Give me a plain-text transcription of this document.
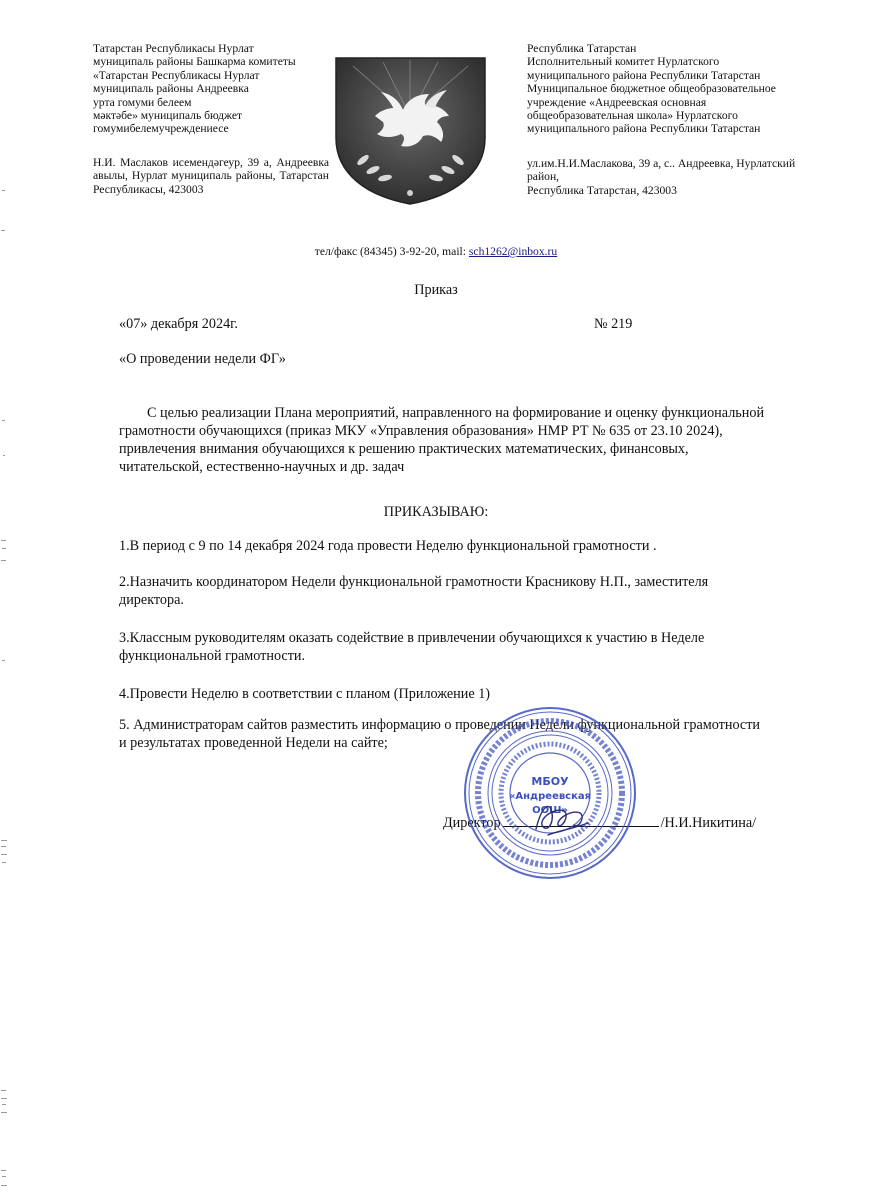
Татарстан Республикасы Нурлат
муниципаль районы Башкарма комитеты
«Татарстан Республикасы Нурлат
муниципаль районы Андреевка
урта гомуми белеем
мәктәбе» муниципаль бюджет
гомумибелемучреждениесе
Н.И. Маслаков исемендәгеур, 39 а, Андреевка авылы, Нурлат муниципаль районы, Татарстан Республикасы, 423003
Республика Татарстан
Исполнительный комитет Нурлатского
муниципального района Республики Татарстан
Муниципальное бюджетное общеобразовательное
учреждение «Андреевская основная
общеобразовательная школа» Нурлатского
муниципального района Республики Татарстан
ул.им.Н.И.Маслакова, 39 а, с.. Андреевка, Нурлатский
район,
Республика Татарстан, 423003
тел/факс (84345) 3-92-20, mail: sch1262@inbox.ru
Приказ
«07» декабря 2024г.	№ 219
«О проведении недели ФГ»
С целью реализации Плана мероприятий, направленного на формирование и оценку функциональной грамотности обучающихся (приказ МКУ «Управления образования» НМР РТ № 635 от 23.10 2024), привлечения внимания обучающихся к решению практических математических, финансовых, читательской, естественно-научных и др. задач
ПРИКАЗЫВАЮ:
1.В период с 9 по 14 декабря 2024 года провести Неделю функциональной грамотности .
2.Назначить координатором Недели функциональной грамотности Красникову Н.П., заместителя директора.
3.Классным руководителям оказать содействие в привлечении обучающихся к участию в Неделе функциональной грамотности.
4.Провести Неделю в соответствии с планом (Приложение 1)
5. Администраторам сайтов разместить информацию о проведении Недели функциональной грамотности и результатах проведенной Недели на сайте;
Директор	/Н.И.Никитина/
МБОУ
«Андреевская
ООШ»
